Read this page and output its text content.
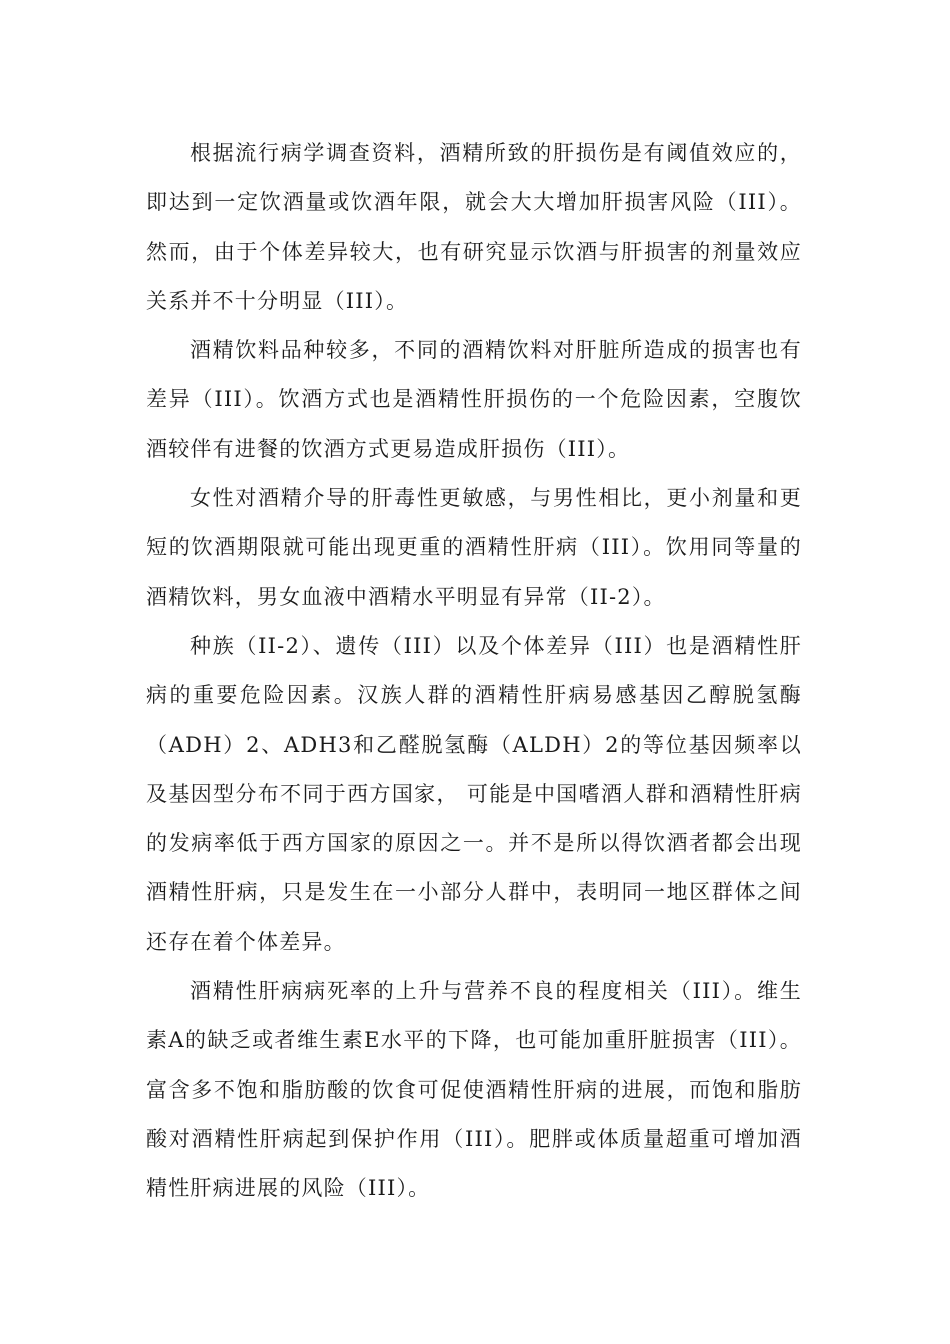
根据流行病学调查资料，酒精所致的肝损伤是有阈值效应的，即达到一定饮酒量或饮酒年限，就会大大增加肝损害风险（III）。然而，由于个体差异较大，也有研究显示饮酒与肝损害的剂量效应关系并不十分明显（III）。

酒精饮料品种较多，不同的酒精饮料对肝脏所造成的损害也有差异（III）。饮酒方式也是酒精性肝损伤的一个危险因素，空腹饮酒较伴有进餐的饮酒方式更易造成肝损伤（III）。

女性对酒精介导的肝毒性更敏感，与男性相比，更小剂量和更短的饮酒期限就可能出现更重的酒精性肝病（III）。饮用同等量的酒精饮料，男女血液中酒精水平明显有异常（II-2）。

种族（II-2）、遗传（III）以及个体差异（III）也是酒精性肝病的重要危险因素。汉族人群的酒精性肝病易感基因乙醇脱氢酶（ADH）2、ADH3和乙醛脱氢酶（ALDH）2的等位基因频率以及基因型分布不同于西方国家， 可能是中国嗜酒人群和酒精性肝病的发病率低于西方国家的原因之一。并不是所以得饮酒者都会出现酒精性肝病，只是发生在一小部分人群中，表明同一地区群体之间还存在着个体差异。

酒精性肝病病死率的上升与营养不良的程度相关（III）。维生素A的缺乏或者维生素E水平的下降，也可能加重肝脏损害（III）。富含多不饱和脂肪酸的饮食可促使酒精性肝病的进展，而饱和脂肪酸对酒精性肝病起到保护作用（III）。肥胖或体质量超重可增加酒精性肝病进展的风险（III）。
